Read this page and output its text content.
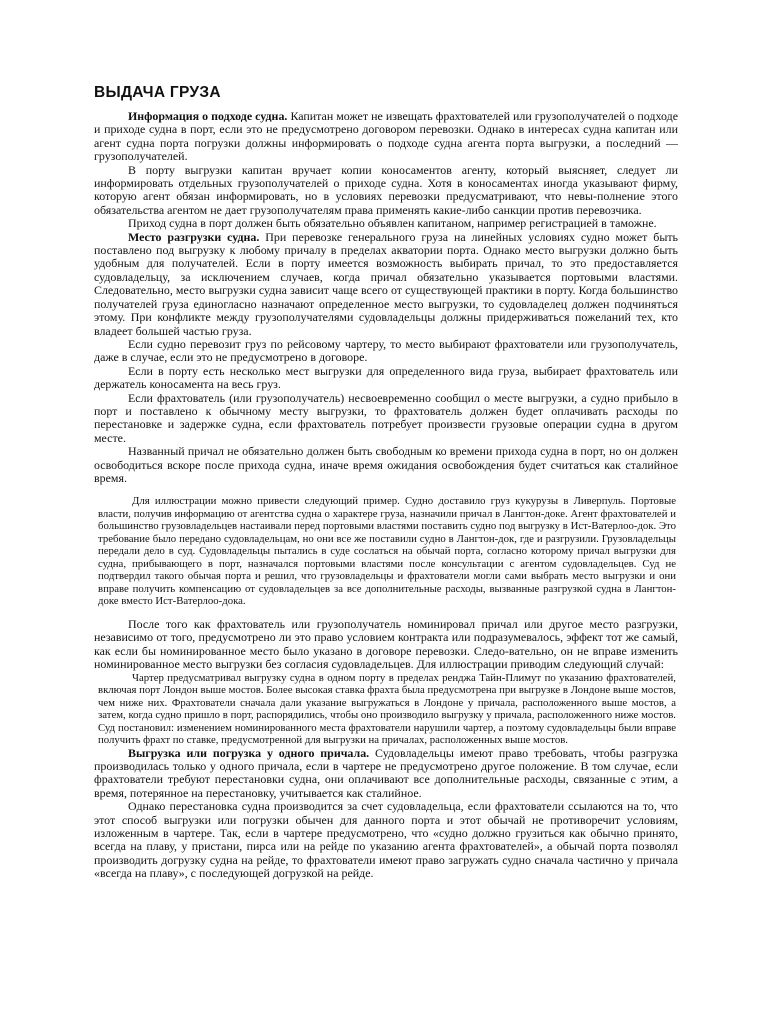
ВЫДАЧА ГРУЗА

Информация о подходе судна. Капитан может не извещать фрахтователей или грузополучателей о подходе и приходе судна в порт, если это не предусмотрено договором перевозки. Однако в интересах судна капитан или агент судна порта погрузки должны информировать о подходе судна агента порта выгрузки, а последний — грузополучателей.

В порту выгрузки капитан вручает копии коносаментов агенту, который выясняет, следует ли информировать отдельных грузополучателей о приходе судна. Хотя в коносаментах иногда указывают фирму, которую агент обязан информировать, но в условиях перевозки предусматривают, что невы-полнение этого обязательства агентом не дает грузополучателям права применять какие-либо санкции против перевозчика.

Приход судна в порт должен быть обязательно объявлен капитаном, например регистрацией в таможне.

Место разгрузки судна. При перевозке генерального груза на линейных условиях судно может быть поставлено под выгрузку к любому причалу в пределах акватории порта. Однако место выгрузки должно быть удобным для получателей. Если в порту имеется возможность выбирать причал, то это предоставляется судовладельцу, за исключением случаев, когда причал обязательно указывается портовыми властями. Следовательно, место выгрузки судна зависит чаще всего от существующей практики в порту. Когда большинство получателей груза единогласно назначают определенное место выгрузки, то судовладелец должен подчиняться этому. При конфликте между грузополучателями судовладельцы должны придерживаться пожеланий тех, кто владеет большей частью груза.

Если судно перевозит груз по рейсовому чартеру, то место выбирают фрахтователи или грузополучатель, даже в случае, если это не предусмотрено в договоре.

Если в порту есть несколько мест выгрузки для определенного вида груза, выбирает фрахтователь или держатель коносамента на весь груз.

Если фрахтователь (или грузополучатель) несвоевременно сообщил о месте выгрузки, а судно прибыло в порт и поставлено к обычному месту выгрузки, то фрахтователь должен будет оплачивать расходы по перестановке и задержке судна, если фрахтователь потребует произвести грузовые операции судна в другом месте.

Названный причал не обязательно должен быть свободным ко времени прихода судна в порт, но он должен освободиться вскоре после прихода судна, иначе время ожидания освобождения будет считаться как сталийное время.

Для иллюстрации можно привести следующий пример. Судно доставило груз кукурузы в Ливерпуль. Портовые власти, получив информацию от агентства судна о характере груза, назначили причал в Лангтон-доке. Агент фрахтователей и большинство грузовладельцев настаивали перед портовыми властями поставить судно под выгрузку в Ист-Ватерлоо-док. Это требование было передано судовладельцам, но они все же поставили судно в Лангтон-док, где и разгрузили. Грузовладельцы передали дело в суд. Судовладельцы пытались в суде сослаться на обычай порта, согласно которому причал выгрузки для судна, прибывающего в порт, назначался портовыми властями после консультации с агентом судовладельцев. Суд не подтвердил такого обычая порта и решил, что грузовладельцы и фрахтователи могли сами выбрать место выгрузки и они вправе получить компенсацию от судовладельцев за все дополнительные расходы, вызванные разгрузкой судна в Лангтон-доке вместо Ист-Ватерлоо-дока.

После того как фрахтователь или грузополучатель номинировал причал или другое место разгрузки, независимо от того, предусмотрено ли это право условием контракта или подразумевалось, эффект тот же самый, как если бы номинированное место было указано в договоре перевозки. Следо-вательно, он не вправе изменить номинированное место выгрузки без согласия судовладельцев. Для иллюстрации приводим следующий случай:

Чартер предусматривал выгрузку судна в одном порту в пределах ренджа Тайн-Плимут по указанию фрахтователей, включая порт Лондон выше мостов. Более высокая ставка фрахта была предусмотрена при выгрузке в Лондоне выше мостов, чем ниже них. Фрахтователи сначала дали указание выгружаться в Лондоне у причала, расположенного выше мостов, а затем, когда судно пришло в порт, распорядились, чтобы оно производило выгрузку у причала, расположенного ниже мостов. Суд постановил: изменением номинированного места фрахтователи нарушили чартер, а поэтому судовладельцы были вправе получить фрахт по ставке, предусмотренной для выгрузки на причалах, расположенных выше мостов.

Выгрузка или погрузка у одного причала. Судовладельцы имеют право требовать, чтобы разгрузка производилась только у одного причала, если в чартере не предусмотрено другое положение. В том случае, если фрахтователи требуют перестановки судна, они оплачивают все дополнительные расходы, связанные с этим, а время, потерянное на перестановку, учитывается как сталийное.

Однако перестановка судна производится за счет судовладельца, если фрахтователи ссылаются на то, что этот способ выгрузки или погрузки обычен для данного порта и этот обычай не противоречит условиям, изложенным в чартере. Так, если в чартере предусмотрено, что «судно должно грузиться как обычно принято, всегда на плаву, у пристани, пирса или на рейде по указанию агента фрахтователей», а обычай порта позволял производить догрузку судна на рейде, то фрахтователи имеют право загружать судно сначала частично у причала «всегда на плаву», с последующей догрузкой на рейде.
